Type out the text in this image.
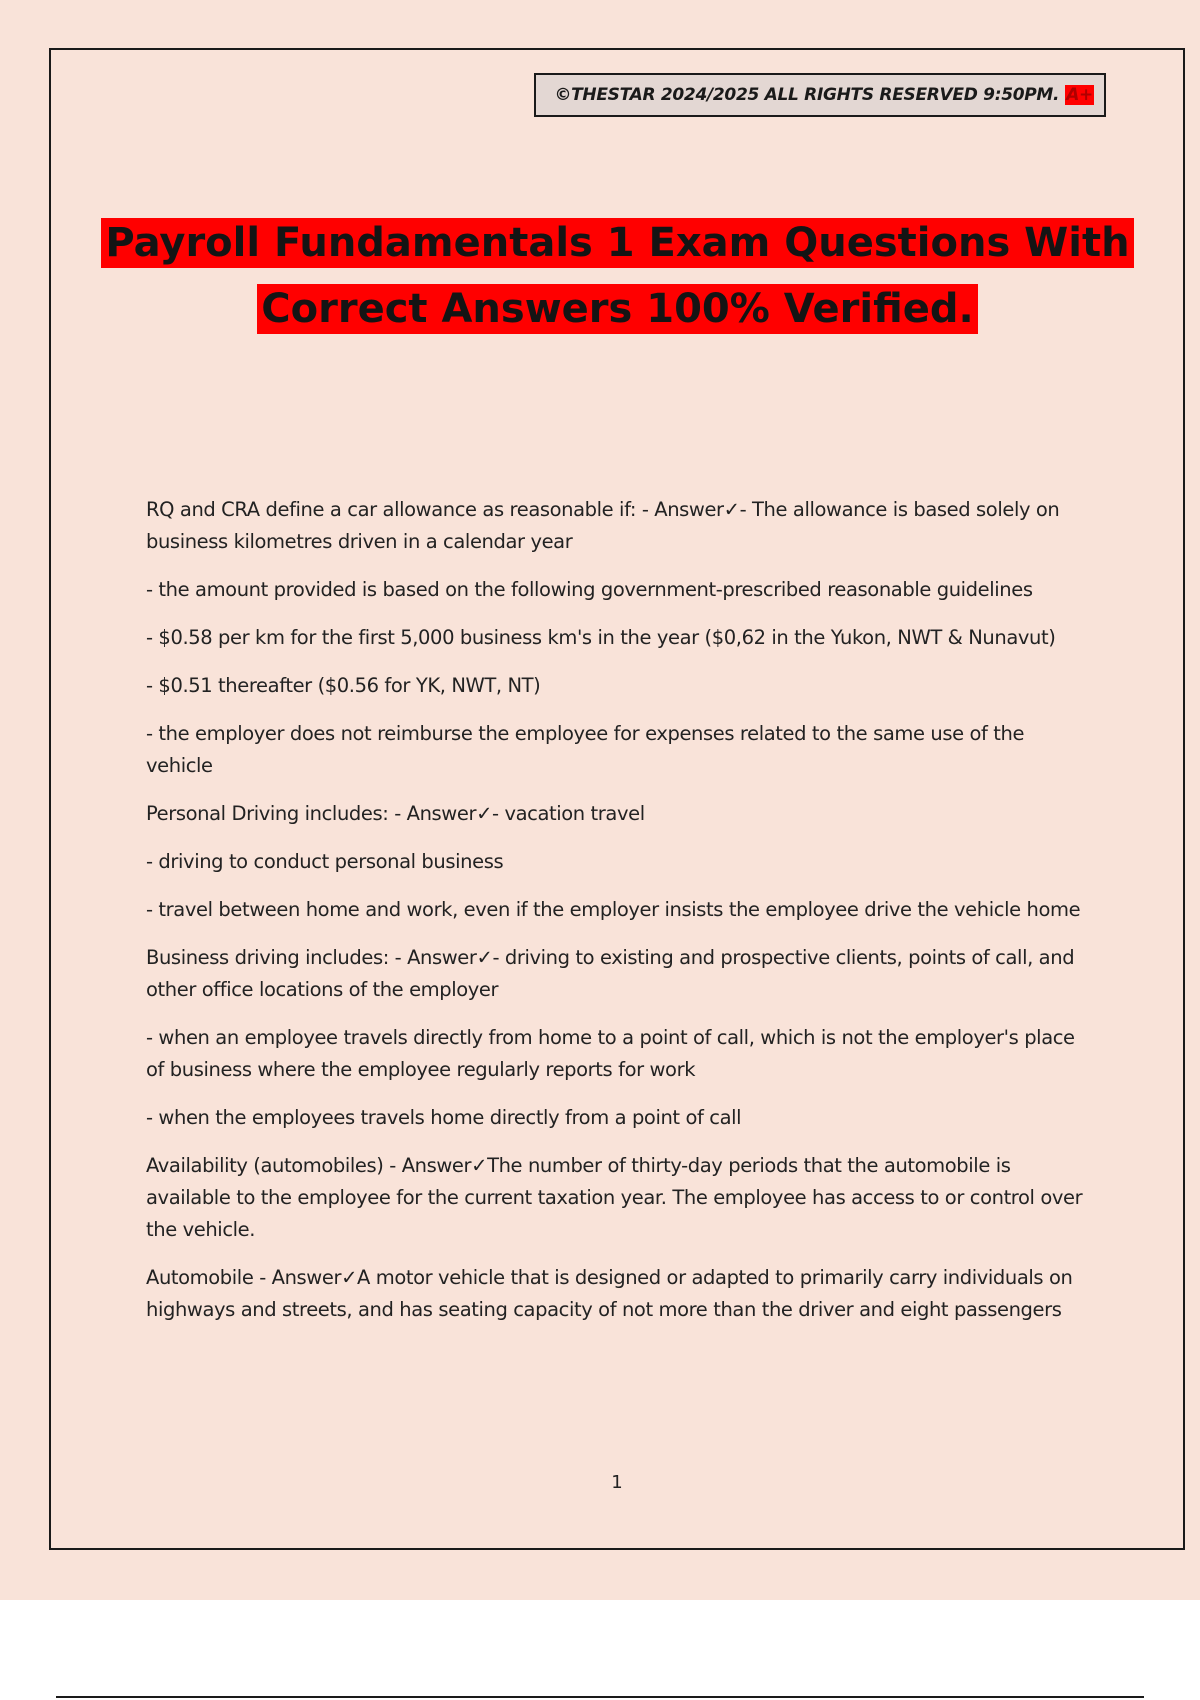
©THESTAR 2024/2025 ALL RIGHTS RESERVED 9:50PM. A+
Payroll Fundamentals 1 Exam Questions With
Correct Answers 100% Verified.

RQ and CRA define a car allowance as reasonable if: - Answer✓- The allowance is based solely on business kilometres driven in a calendar year

- the amount provided is based on the following government-prescribed reasonable guidelines

- $0.58 per km for the first 5,000 business km's in the year ($0,62 in the Yukon, NWT & Nunavut)

- $0.51 thereafter ($0.56 for YK, NWT, NT)

- the employer does not reimburse the employee for expenses related to the same use of the vehicle

Personal Driving includes: - Answer✓- vacation travel

- driving to conduct personal business

- travel between home and work, even if the employer insists the employee drive the vehicle home

Business driving includes: - Answer✓- driving to existing and prospective clients, points of call, and other office locations of the employer

- when an employee travels directly from home to a point of call, which is not the employer's place of business where the employee regularly reports for work

- when the employees travels home directly from a point of call

Availability (automobiles) - Answer✓The number of thirty-day periods that the automobile is available to the employee for the current taxation year. The employee has access to or control over the vehicle.

Automobile - Answer✓A motor vehicle that is designed or adapted to primarily carry individuals on highways and streets, and has seating capacity of not more than the driver and eight passengers

1
